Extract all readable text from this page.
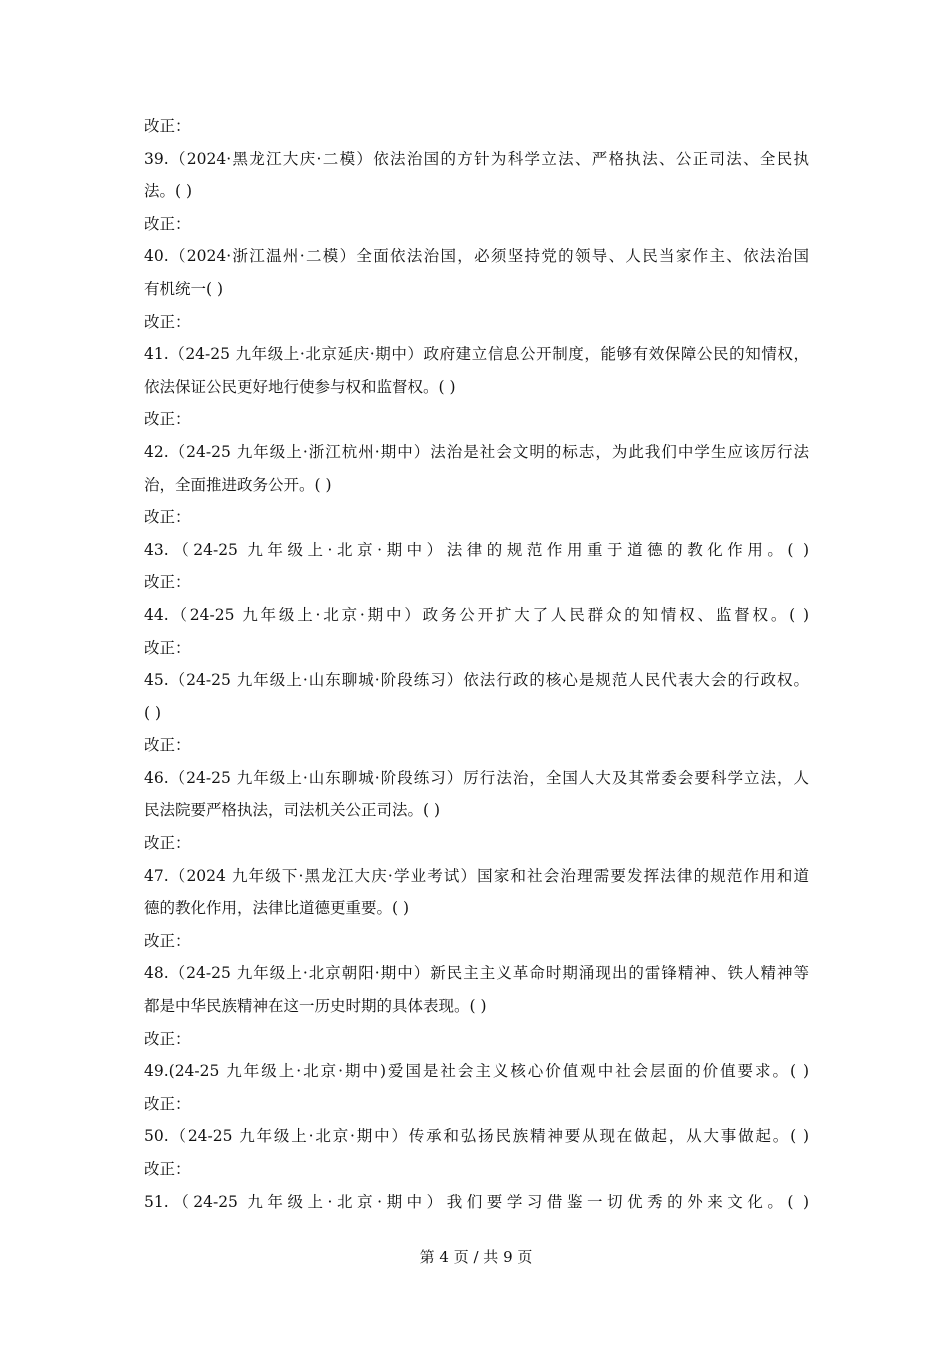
改正：
39.（2024·黑龙江大庆·二模）依法治国的方针为科学立法、严格执法、公正司法、全民执
法。( )
改正：
40.（2024·浙江温州·二模）全面依法治国，必须坚持党的领导、人民当家作主、依法治国
有机统一( )
改正：
41.（24-25 九年级上·北京延庆·期中）政府建立信息公开制度，能够有效保障公民的知情权，
依法保证公民更好地行使参与权和监督权。( )
改正：
42.（24-25 九年级上·浙江杭州·期中）法治是社会文明的标志，为此我们中学生应该厉行法
治，全面推进政务公开。( )
改正：
43.（24-25 九年级上·北京·期中）法律的规范作用重于道德的教化作用。( )
改正：
44.（24-25 九年级上·北京·期中）政务公开扩大了人民群众的知情权、监督权。( )
改正：
45.（24-25 九年级上·山东聊城·阶段练习）依法行政的核心是规范人民代表大会的行政权。
( )
改正：
46.（24-25 九年级上·山东聊城·阶段练习）厉行法治，全国人大及其常委会要科学立法，人
民法院要严格执法，司法机关公正司法。( )
改正：
47.（2024 九年级下·黑龙江大庆·学业考试）国家和社会治理需要发挥法律的规范作用和道
德的教化作用，法律比道德更重要。( )
改正：
48.（24-25 九年级上·北京朝阳·期中）新民主主义革命时期涌现出的雷锋精神、铁人精神等
都是中华民族精神在这一历史时期的具体表现。( )
改正：
49.(24-25 九年级上·北京·期中)爱国是社会主义核心价值观中社会层面的价值要求。( )
改正：
50.（24-25 九年级上·北京·期中）传承和弘扬民族精神要从现在做起，从大事做起。( )
改正：
51.（24-25 九年级上·北京·期中）我们要学习借鉴一切优秀的外来文化。( )
第 4 页 / 共 9 页
